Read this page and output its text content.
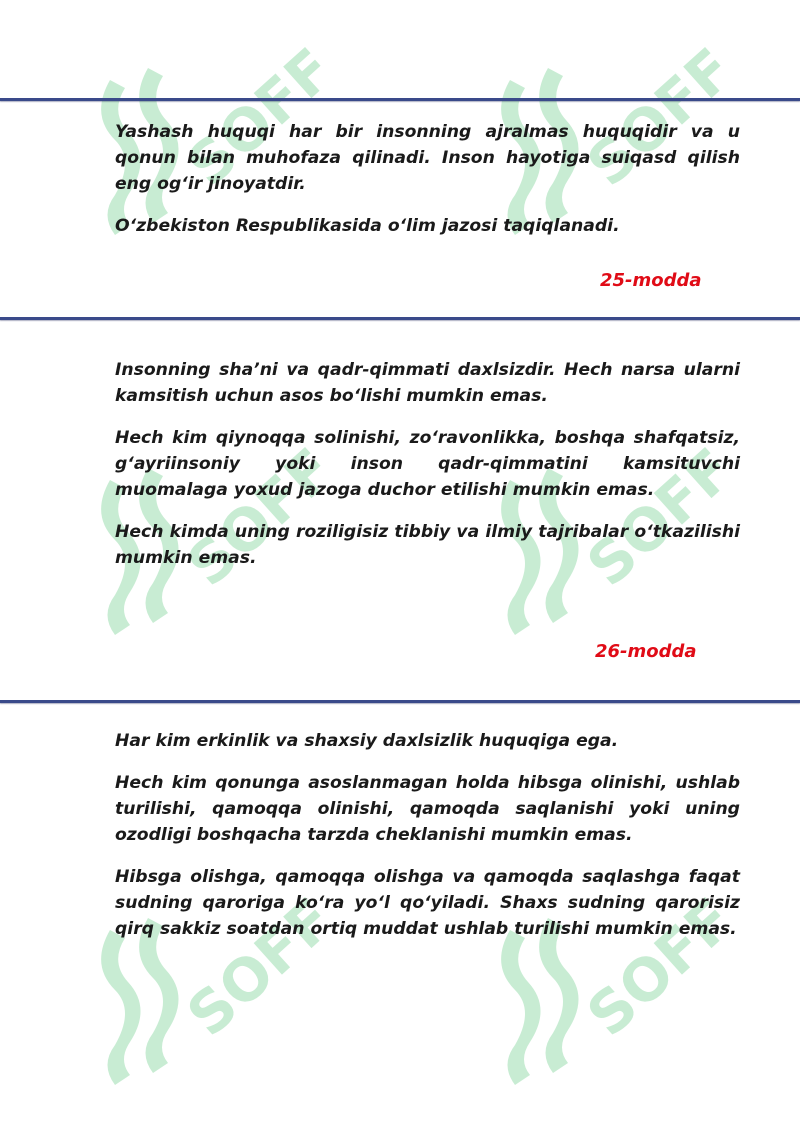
Yashash huquqi har bir insonning ajralmas huquqidir va u qonun bilan muhofaza qilinadi. Inson hayotiga suiqasd qilish eng og‘ir jinoyatdir.

O‘zbekiston Respublikasida o‘lim jazosi taqiqlanadi.

25-modda

Insonning sha’ni va qadr-qimmati daxlsizdir. Hech narsa ularni kamsitish uchun asos bo‘lishi mumkin emas.

Hech kim qiynoqqa solinishi, zo‘ravonlikka, boshqa shafqatsiz, g‘ayriinsoniy yoki inson qadr-qimmatini kamsituvchi muomalaga yoxud jazoga duchor etilishi mumkin emas.

Hech kimda uning roziligisiz tibbiy va ilmiy tajribalar o‘tkazilishi mumkin emas.

26-modda

Har kim erkinlik va shaxsiy daxlsizlik huquqiga ega.

Hech kim qonunga asoslanmagan holda hibsga olinishi, ushlab turilishi, qamoqqa olinishi, qamoqda saqlanishi yoki uning ozodligi boshqacha tarzda cheklanishi mumkin emas.

Hibsga olishga, qamoqqa olishga va qamoqda saqlashga faqat sudning qaroriga ko‘ra yo‘l qo‘yiladi. Shaxs sudning qarorisiz qirq sakkiz soatdan ortiq muddat ushlab turilishi mumkin emas.
